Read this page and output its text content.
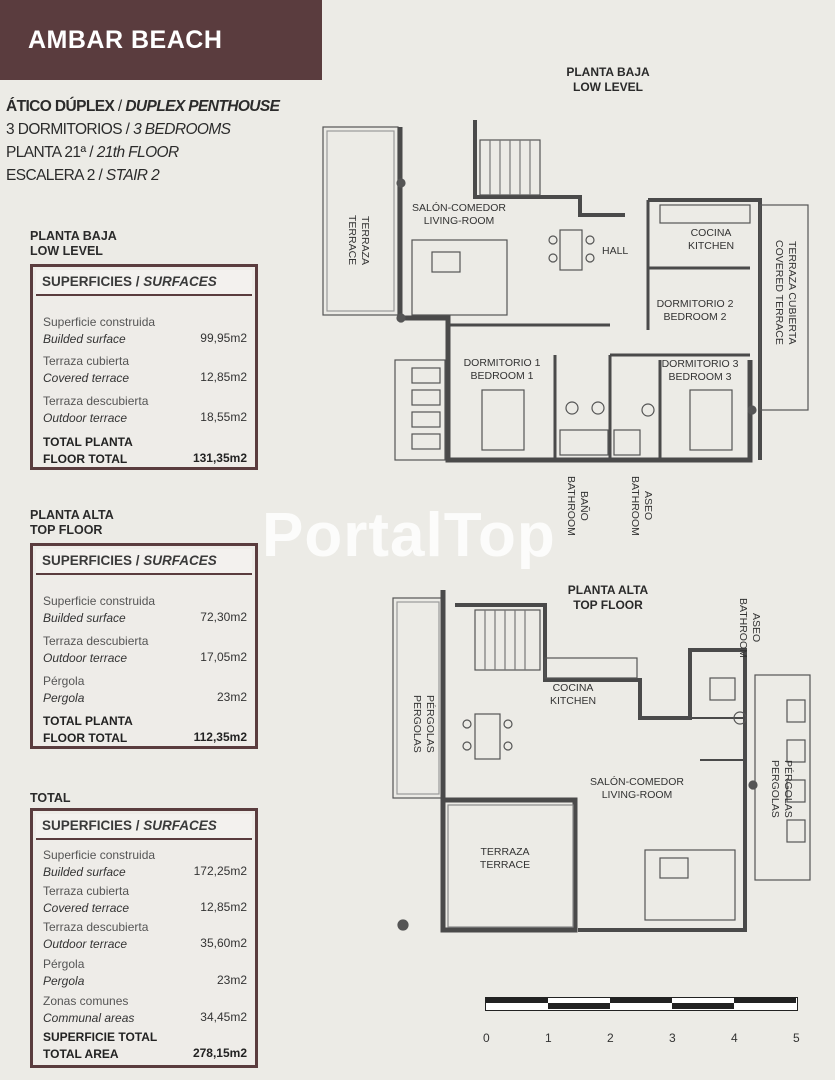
AMBAR BEACH
ÁTICO DÚPLEX / DUPLEX PENTHOUSE
3 DORMITORIOS / 3 BEDROOMS
PLANTA 21ª / 21th FLOOR
ESCALERA 2 / STAIR 2
PLANTA BAJA
LOW LEVEL
SUPERFICIES / SURFACES
Superficie construida
Builded surface	99,95m2
Terraza cubierta
Covered terrace	12,85m2
Terraza descubierta
Outdoor terrace	18,55m2
TOTAL PLANTA
FLOOR TOTAL	131,35m2
PLANTA ALTA
TOP FLOOR
SUPERFICIES / SURFACES
Superficie construida
Builded surface	72,30m2
Terraza descubierta
Outdoor terrace	17,05m2
Pérgola
Pergola	23m2
TOTAL PLANTA
FLOOR TOTAL	112,35m2
TOTAL
SUPERFICIES / SURFACES
Superficie construida
Builded surface	172,25m2
Terraza cubierta
Covered terrace	12,85m2
Terraza descubierta
Outdoor terrace	35,60m2
Pérgola
Pergola	23m2
Zonas comunes
Communal areas	34,45m2
SUPERFICIE TOTAL
TOTAL AREA	278,15m2
PLANTA BAJA
LOW LEVEL
TERRAZA
TERRACE
SALÓN-COMEDOR
LIVING-ROOM
HALL
COCINA
KITCHEN	TERRAZA CUBIERTA
COVERED TERRACE
DORMITORIO 2
BEDROOM 2
DORMITORIO 1
BEDROOM 1
DORMITORIO 3
BEDROOM 3
BAÑO
BATHROOM	ASEO
BATHROOM
PortalTop
PLANTA ALTA
TOP FLOOR
ASEO
BATHROOM
COCINA
KITCHEN
PÉRGOLAS
PERGOLAS
PÉRGOLAS
PERGOLAS
SALÓN-COMEDOR
LIVING-ROOM
TERRAZA
TERRACE
0	1	2	3	4	5
